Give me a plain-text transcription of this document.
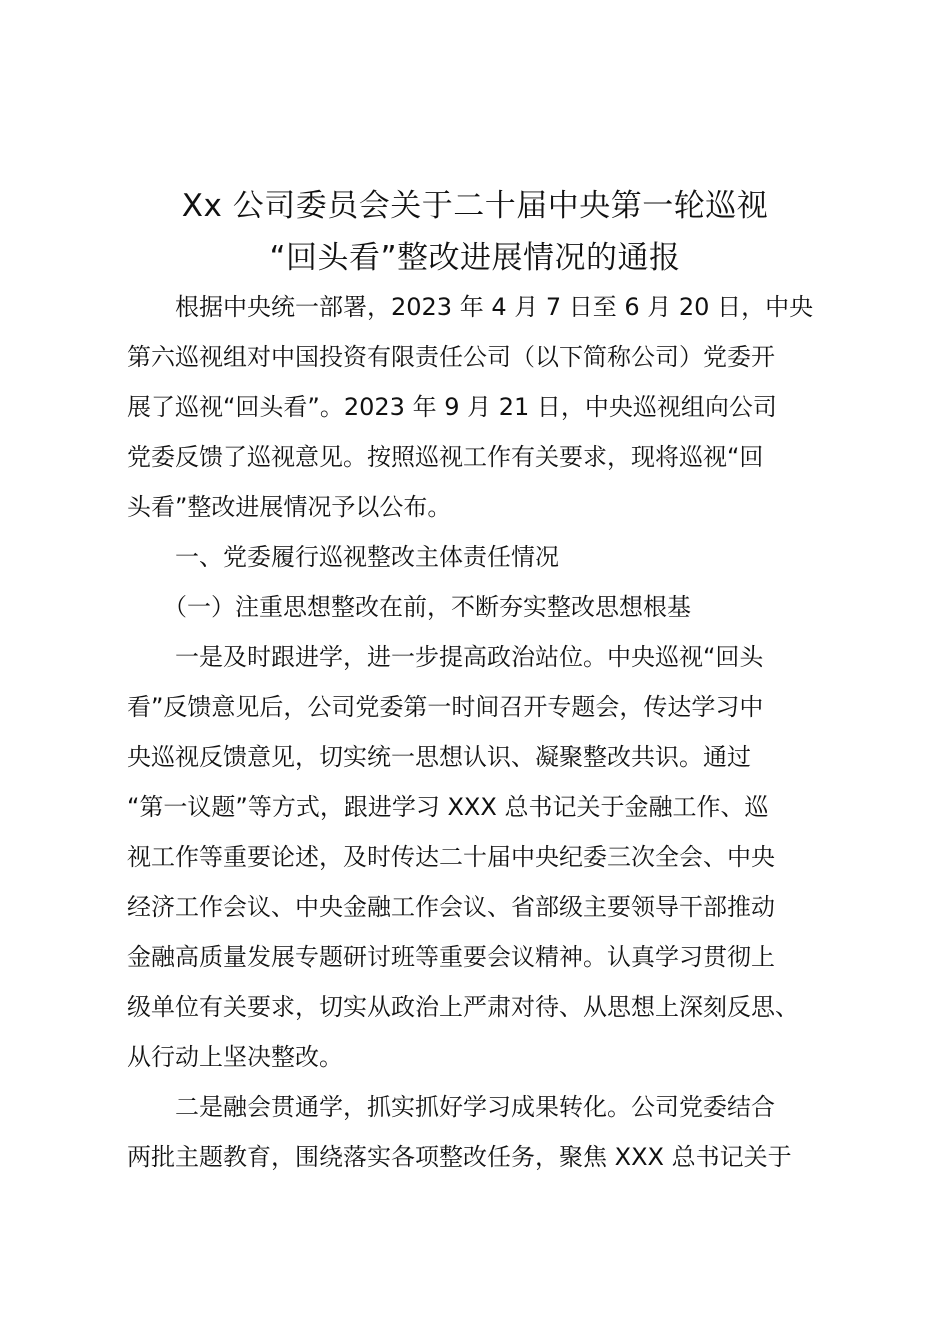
Xx 公司委员会关于二十届中央第一轮巡视
“回头看”整改进展情况的通报
　　根据中央统一部署，2023 年 4 月 7 日至 6 月 20 日，中央
第六巡视组对中国投资有限责任公司（以下简称公司）党委开
展了巡视“回头看”。2023 年 9 月 21 日，中央巡视组向公司
党委反馈了巡视意见。按照巡视工作有关要求，现将巡视“回
头看”整改进展情况予以公布。
　　一、党委履行巡视整改主体责任情况
　　（一）注重思想整改在前，不断夯实整改思想根基
　　一是及时跟进学，进一步提高政治站位。中央巡视“回头
看”反馈意见后，公司党委第一时间召开专题会，传达学习中
央巡视反馈意见，切实统一思想认识、凝聚整改共识。通过
“第一议题”等方式，跟进学习 XXX 总书记关于金融工作、巡
视工作等重要论述，及时传达二十届中央纪委三次全会、中央
经济工作会议、中央金融工作会议、省部级主要领导干部推动
金融高质量发展专题研讨班等重要会议精神。认真学习贯彻上
级单位有关要求，切实从政治上严肃对待、从思想上深刻反思、
从行动上坚决整改。
　　二是融会贯通学，抓实抓好学习成果转化。公司党委结合
两批主题教育，围绕落实各项整改任务，聚焦 XXX 总书记关于
